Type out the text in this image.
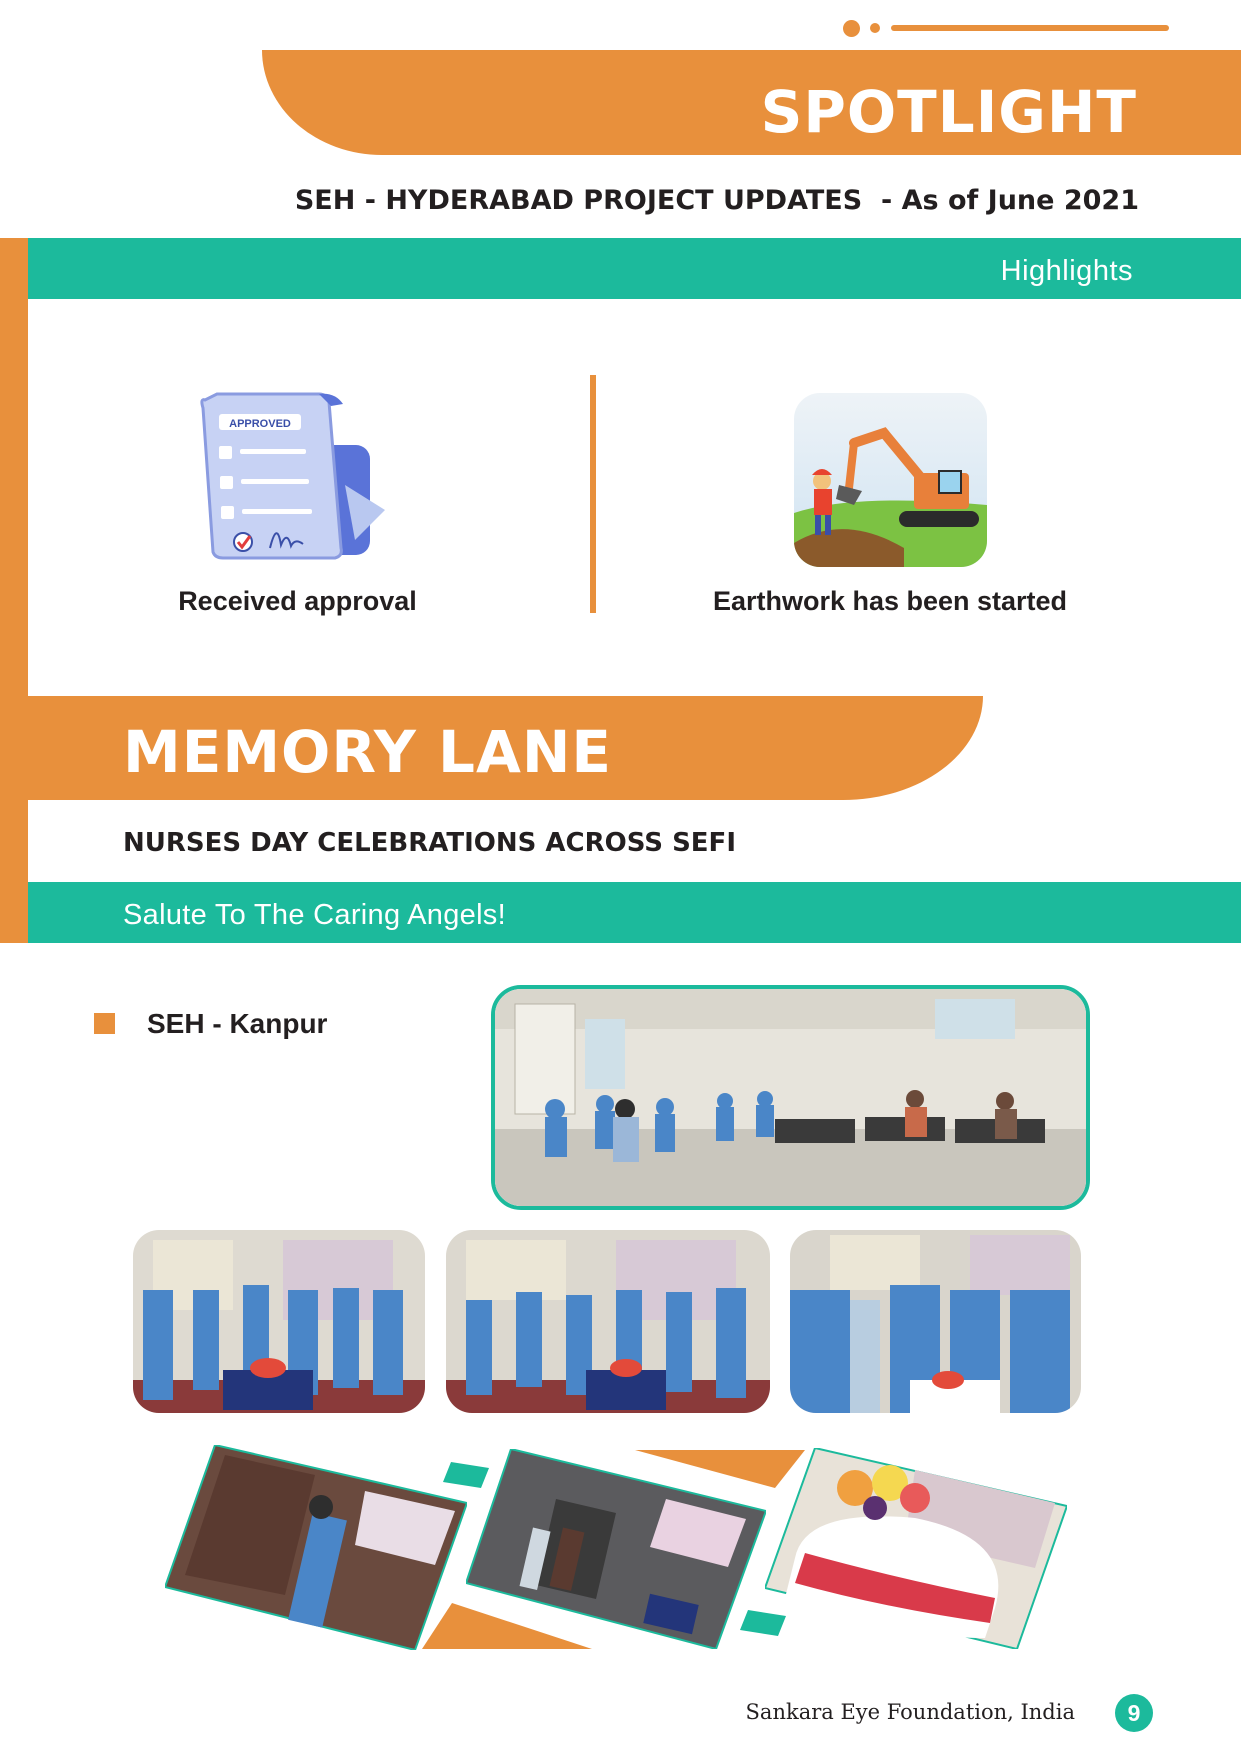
SPOTLIGHT
SEH - HYDERABAD PROJECT UPDATES  - As of June 2021
Highlights
APPROVED
Received approval	Earthwork has been started
MEMORY LANE
NURSES DAY CELEBRATIONS ACROSS SEFI
Salute To The Caring Angels!
SEH - Kanpur
Sankara Eye Foundation, India	9
